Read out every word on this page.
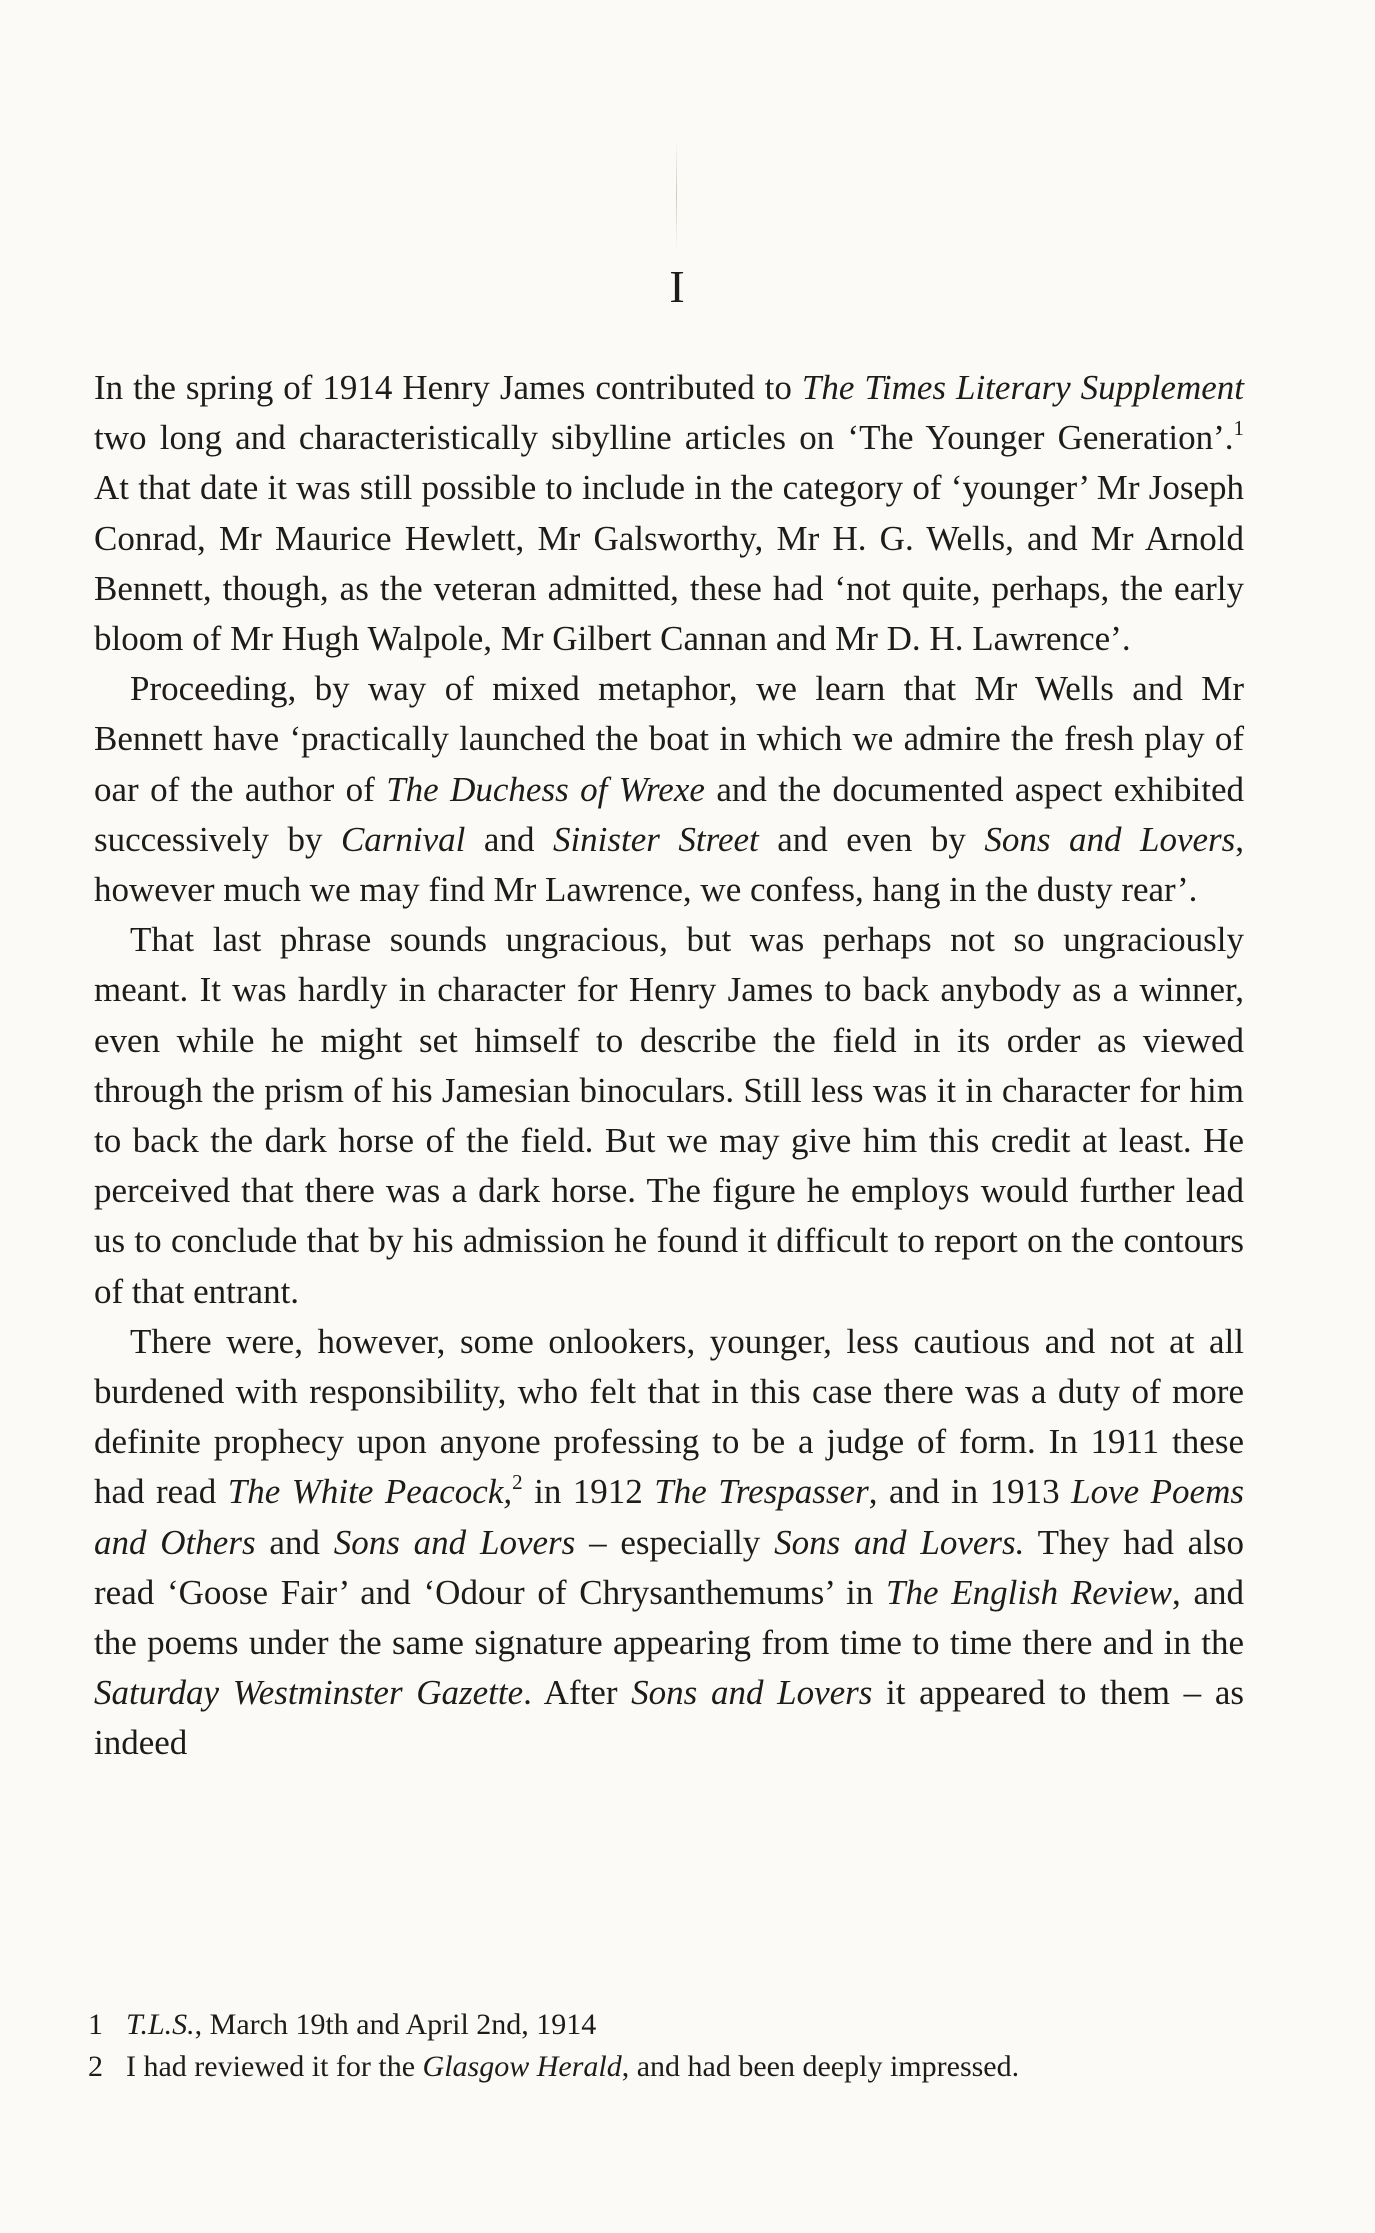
I

In the spring of 1914 Henry James contributed to The Times Literary Supplement two long and characteristically sibylline articles on ‘The Younger Generation’.$^1$ At that date it was still possible to include in the category of ‘younger’ Mr Joseph Conrad, Mr Maurice Hewlett, Mr Galsworthy, Mr H. G. Wells, and Mr Arnold Bennett, though, as the veteran admitted, these had ‘not quite, perhaps, the early bloom of Mr Hugh Walpole, Mr Gilbert Cannan and Mr D. H. Lawrence’.

Proceeding, by way of mixed metaphor, we learn that Mr Wells and Mr Bennett have ‘practically launched the boat in which we admire the fresh play of oar of the author of The Duchess of Wrexe and the documented aspect exhibited successively by Carnival and Sinister Street and even by Sons and Lovers, however much we may find Mr Lawrence, we confess, hang in the dusty rear’.

That last phrase sounds ungracious, but was perhaps not so ungraciously meant. It was hardly in character for Henry James to back anybody as a winner, even while he might set himself to describe the field in its order as viewed through the prism of his Jamesian binoculars. Still less was it in character for him to back the dark horse of the field. But we may give him this credit at least. He perceived that there was a dark horse. The figure he employs would further lead us to conclude that by his admission he found it difficult to report on the contours of that entrant.

There were, however, some onlookers, younger, less cautious and not at all burdened with responsibility, who felt that in this case there was a duty of more definite prophecy upon anyone professing to be a judge of form. In 1911 these had read The White Peacock,$^2$ in 1912 The Trespasser, and in 1913 Love Poems and Others and Sons and Lovers – especially Sons and Lovers. They had also read ‘Goose Fair’ and ‘Odour of Chrysanthemums’ in The English Review, and the poems under the same signature appearing from time to time there and in the Saturday Westminster Gazette. After Sons and Lovers it appeared to them – as indeed

1 T.L.S., March 19th and April 2nd, 1914
2 I had reviewed it for the Glasgow Herald, and had been deeply impressed.
